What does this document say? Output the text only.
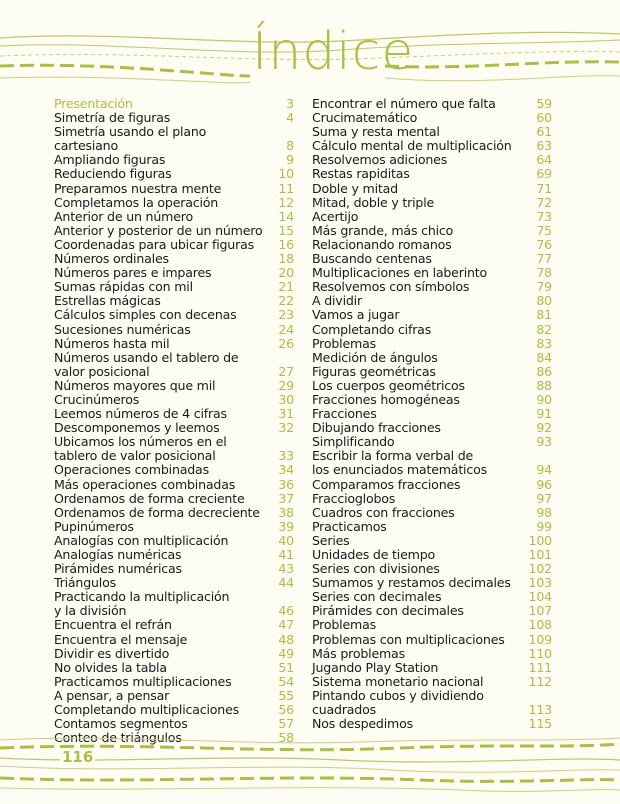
Índice
Presentación	3
Simetría de figuras	4
Simetría usando el plano cartesiano	8
Ampliando figuras	9
Reduciendo figuras	10
Preparamos nuestra mente	11
Completamos la operación	12
Anterior de un número	14
Anterior y posterior de un número	15
Coordenadas para ubicar figuras	16
Números ordinales	18
Números pares e impares	20
Sumas rápidas con mil	21
Estrellas mágicas	22
Cálculos simples con decenas	23
Sucesiones numéricas	24
Números hasta mil	26
Números usando el tablero de
valor posicional	27
Números mayores que mil	29
Crucinúmeros	30
Leemos números de 4 cifras	31
Descomponemos y leemos	32
Ubicamos los números en el
tablero de valor posicional	33
Operaciones combinadas	34
Más operaciones combinadas	36
Ordenamos de forma creciente	37
Ordenamos de forma decreciente	38
Pupinúmeros	39
Analogías con multiplicación	40
Analogías numéricas	41
Pirámides numéricas	43
Triángulos	44
Practicando la multiplicación
y la división	46
Encuentra el refrán	47
Encuentra el mensaje	48
Dividir es divertido	49
No olvides la tabla	51
Practicamos multiplicaciones	54
A pensar, a pensar	55
Completando multiplicaciones	56
Contamos segmentos	57
Conteo de triángulos	58
Encontrar el número que falta	59
Crucimatemático	60
Suma y resta mental	61
Cálculo mental de multiplicación	63
Resolvemos adiciones	64
Restas rapiditas	69
Doble y mitad	71
Mitad, doble y triple	72
Acertijo	73
Más grande, más chico	75
Relacionando romanos	76
Buscando centenas	77
Multiplicaciones en laberinto	78
Resolvemos con símbolos	79
A dividir	80
Vamos a jugar	81
Completando cifras	82
Problemas	83
Medición de ángulos	84
Figuras geométricas	86
Los cuerpos geométricos	88
Fracciones homogéneas	90
Fracciones	91
Dibujando fracciones	92
Simplificando	93
Escribir la forma verbal de
los enunciados matemáticos	94
Comparamos fracciones	96
Fraccioglobos	97
Cuadros con fracciones	98
Practicamos	99
Series	100
Unidades de tiempo	101
Series con divisiones	102
Sumamos y restamos decimales 103
Series con decimales	104
Pirámides con decimales	107
Problemas	108
Problemas con multiplicaciones 109
Más problemas	110
Jugando Play Station	111
Sistema monetario nacional	112
Pintando cubos y dividiendo
cuadrados	113
Nos despedimos	115
116
